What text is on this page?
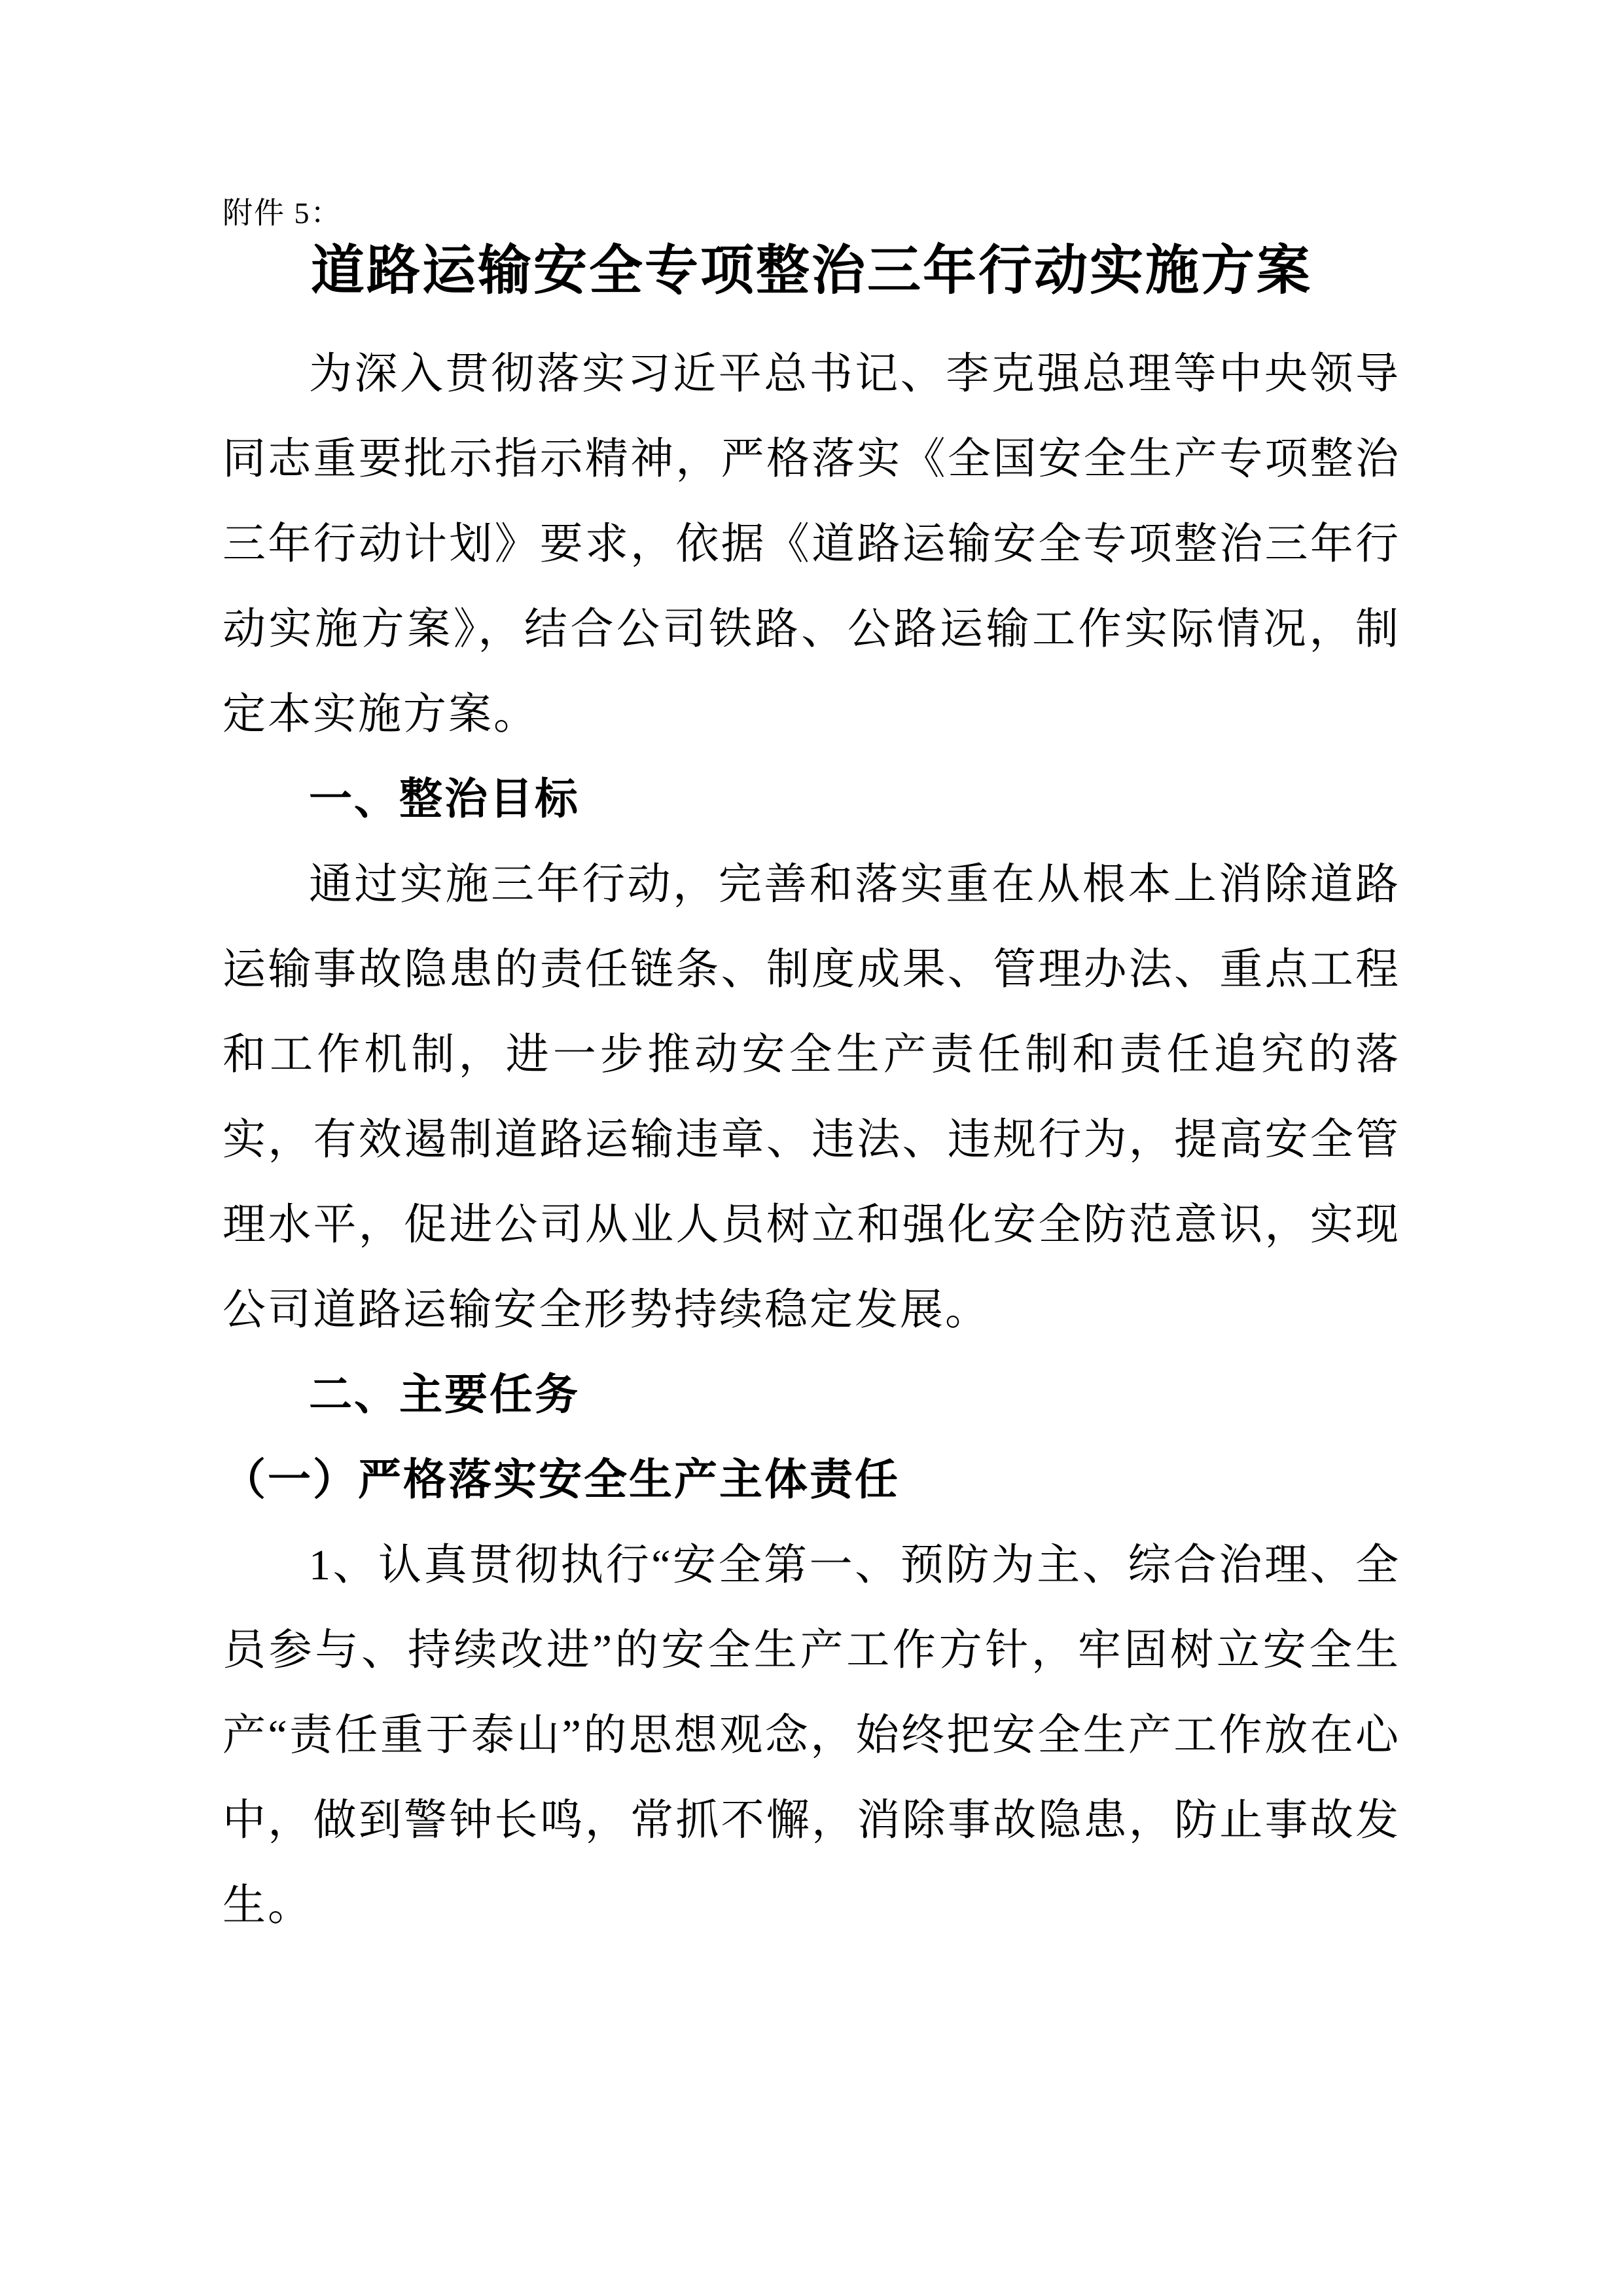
附件 5：
道路运输安全专项整治三年行动实施方案

为深入贯彻落实习近平总书记、李克强总理等中央领导同志重要批示指示精神，严格落实《全国安全生产专项整治三年行动计划》要求，依据《道路运输安全专项整治三年行动实施方案》，结合公司铁路、公路运输工作实际情况，制定本实施方案。

一、整治目标

通过实施三年行动，完善和落实重在从根本上消除道路运输事故隐患的责任链条、制度成果、管理办法、重点工程和工作机制，进一步推动安全生产责任制和责任追究的落实，有效遏制道路运输违章、违法、违规行为，提高安全管理水平，促进公司从业人员树立和强化安全防范意识，实现公司道路运输安全形势持续稳定发展。

二、主要任务

（一）严格落实安全生产主体责任

1、认真贯彻执行“安全第一、预防为主、综合治理、全员参与、持续改进”的安全生产工作方针，牢固树立安全生产“责任重于泰山”的思想观念，始终把安全生产工作放在心中，做到警钟长鸣，常抓不懈，消除事故隐患，防止事故发生。
